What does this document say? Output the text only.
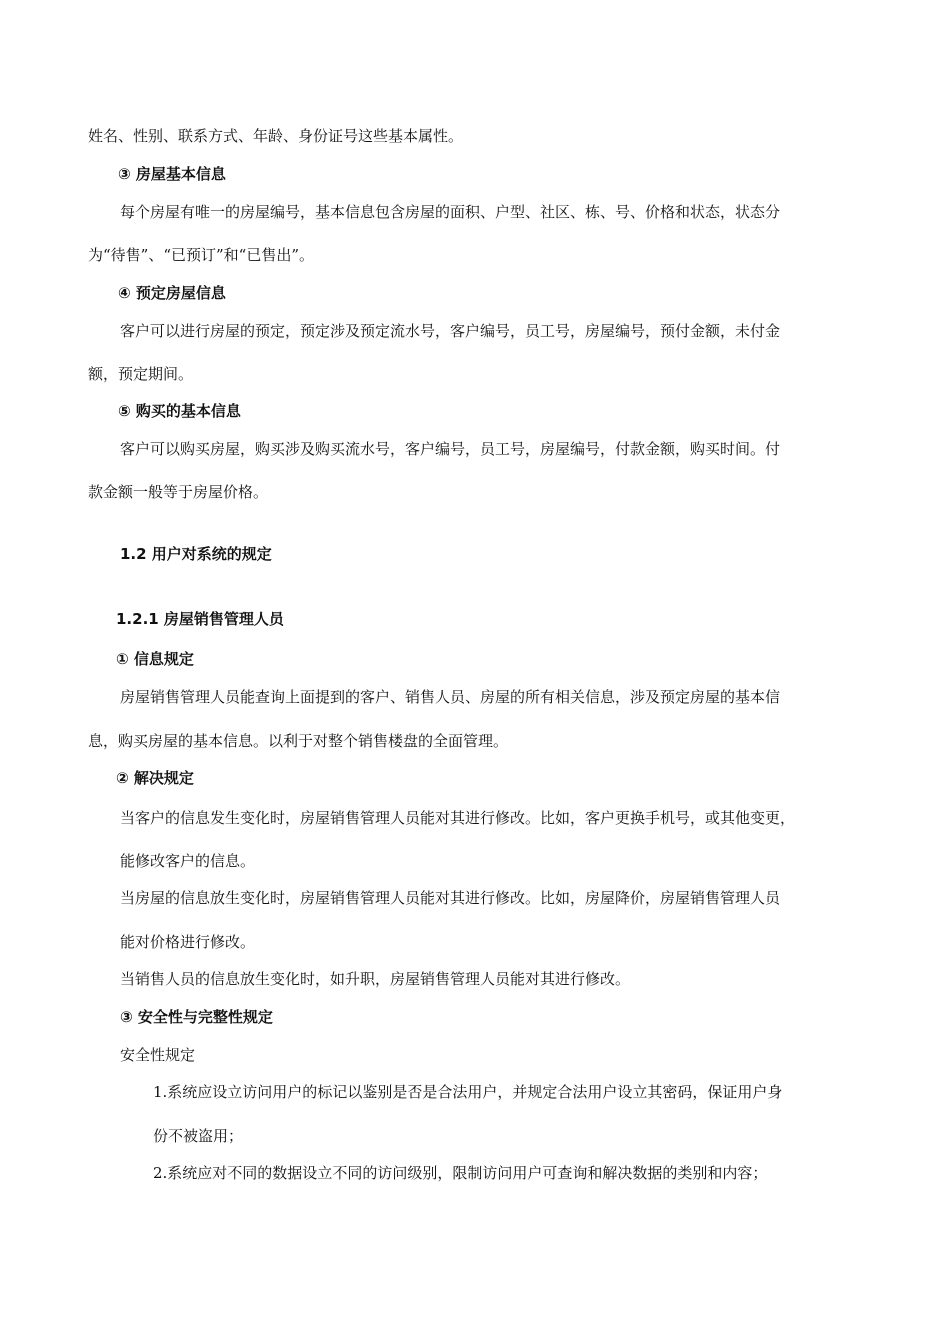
姓名、性别、联系方式、年龄、身份证号这些基本属性。
③ 房屋基本信息
每个房屋有唯一的房屋编号，基本信息包含房屋的面积、户型、社区、栋、号、价格和状态，状态分
为“待售”、“已预订”和“已售出”。
④ 预定房屋信息
客户可以进行房屋的预定，预定涉及预定流水号，客户编号，员工号，房屋编号，预付金额，未付金
额，预定期间。
⑤ 购买的基本信息
客户可以购买房屋，购买涉及购买流水号，客户编号，员工号，房屋编号，付款金额，购买时间。付
款金额一般等于房屋价格。
1.2 用户对系统的规定
1.2.1 房屋销售管理人员
① 信息规定
房屋销售管理人员能查询上面提到的客户、销售人员、房屋的所有相关信息，涉及预定房屋的基本信
息，购买房屋的基本信息。以利于对整个销售楼盘的全面管理。
② 解决规定
当客户的信息发生变化时，房屋销售管理人员能对其进行修改。比如，客户更换手机号，或其他变更，
能修改客户的信息。
当房屋的信息放生变化时，房屋销售管理人员能对其进行修改。比如，房屋降价，房屋销售管理人员
能对价格进行修改。
当销售人员的信息放生变化时，如升职，房屋销售管理人员能对其进行修改。
③ 安全性与完整性规定
安全性规定
1.系统应设立访问用户的标记以鉴别是否是合法用户，并规定合法用户设立其密码，保证用户身
份不被盗用；
2.系统应对不同的数据设立不同的访问级别，限制访问用户可查询和解决数据的类别和内容；
